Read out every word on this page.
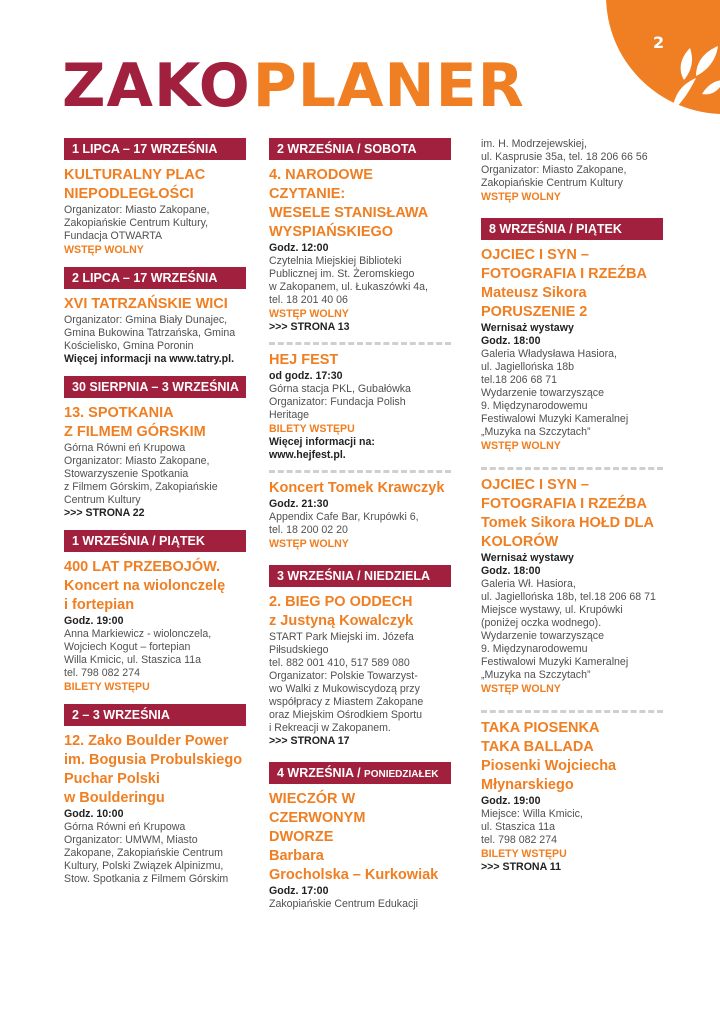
2
ZAKO PLANER
1 LIPCA – 17 WRZEŚNIA
KULTURALNY PLAC
NIEPODLEGŁOŚCI
Organizator: Miasto Zakopane,
Zakopiańskie Centrum Kultury,
Fundacja OTWARTA
WSTĘP WOLNY
2 LIPCA – 17 WRZEŚNIA
XVI TATRZAŃSKIE WICI
Organizator: Gmina Biały Dunajec,
Gmina Bukowina Tatrzańska, Gmina
Kościelisko, Gmina Poronin
Więcej informacji na www.tatry.pl.
30 SIERPNIA – 3 WRZEŚNIA
13. SPOTKANIA
Z FILMEM GÓRSKIM
Górna Równi eń Krupowa
Organizator: Miasto Zakopane,
Stowarzyszenie Spotkania
z Filmem Górskim, Zakopiańskie
Centrum Kultury
>>> STRONA 22
1 WRZEŚNIA / PIĄTEK
400 LAT PRZEBOJÓW.
Koncert na wiolonczelę
i fortepian
Godz. 19:00
Anna Markiewicz - wiolonczela,
Wojciech Kogut – fortepian
Willa Kmicic, ul. Staszica 11a
tel. 798 082 274
BILETY WSTĘPU
2 – 3 WRZEŚNIA
12. Zako Boulder Power
im. Bogusia Probulskiego
Puchar Polski
w Boulderingu
Godz. 10:00
Górna Równi eń Krupowa
Organizator: UMWM, Miasto
Zakopane, Zakopiańskie Centrum
Kultury, Polski Związek Alpinizmu,
Stow. Spotkania z Filmem Górskim
2 WRZEŚNIA / SOBOTA
4. NARODOWE CZYTANIE:
WESELE STANISŁAWA
WYSPIAŃSKIEGO
Godz. 12:00
Czytelnia Miejskiej Biblioteki
Publicznej im. St. Żeromskiego
w Zakopanem, ul. Łukaszówki 4a,
tel. 18 201 40 06
WSTĘP WOLNY
>>> STRONA 13
HEJ FEST
od godz. 17:30
Górna stacja PKL, Gubałówka
Organizator: Fundacja Polish
Heritage
BILETY WSTĘPU
Więcej informacji na:
www.hejfest.pl.
Koncert Tomek Krawczyk
Godz. 21:30
Appendix Cafe Bar, Krupówki 6,
tel. 18 200 02 20
WSTĘP WOLNY
3 WRZEŚNIA / NIEDZIELA
2. BIEG PO ODDECH
z Justyną Kowalczyk
START Park Miejski im. Józefa
Piłsudskiego
tel. 882 001 410, 517 589 080
Organizator: Polskie Towarzyst-
wo Walki z Mukowiscydozą przy
współpracy z Miastem Zakopane
oraz Miejskim Ośrodkiem Sportu
i Rekreacji w Zakopanem.
>>> STRONA 17
4 WRZEŚNIA / PONIEDZIAŁEK
WIECZÓR W CZERWONYM
DWORZE
Barbara
Grocholska – Kurkowiak
Godz. 17:00
Zakopiańskie Centrum Edukacji
im. H. Modrzejewskiej,
ul. Kasprusie 35a, tel. 18 206 66 56
Organizator: Miasto Zakopane,
Zakopiańskie Centrum Kultury
WSTĘP WOLNY
8 WRZEŚNIA / PIĄTEK
OJCIEC I SYN –
FOTOGRAFIA I RZEŹBA
Mateusz Sikora
PORUSZENIE 2
Wernisaż wystawy
Godz. 18:00
Galeria Władysława Hasiora,
ul. Jagiellońska 18b
tel.18 206 68 71
Wydarzenie towarzyszące
9. Międzynarodowemu
Festiwalowi Muzyki Kameralnej
„Muzyka na Szczytach”
WSTĘP WOLNY
OJCIEC I SYN –
FOTOGRAFIA I RZEŹBA
Tomek Sikora HOŁD DLA
KOLORÓW
Wernisaż wystawy
Godz. 18:00
Galeria Wł. Hasiora,
ul. Jagiellońska 18b, tel.18 206 68 71
Miejsce wystawy, ul. Krupówki
(poniżej oczka wodnego).
Wydarzenie towarzyszące
9. Międzynarodowemu
Festiwalowi Muzyki Kameralnej
„Muzyka na Szczytach”
WSTĘP WOLNY
TAKA PIOSENKA
TAKA BALLADA
Piosenki Wojciecha
Młynarskiego
Godz. 19:00
Miejsce: Willa Kmicic,
ul. Staszica 11a
tel. 798 082 274
BILETY WSTĘPU
>>> STRONA 11
